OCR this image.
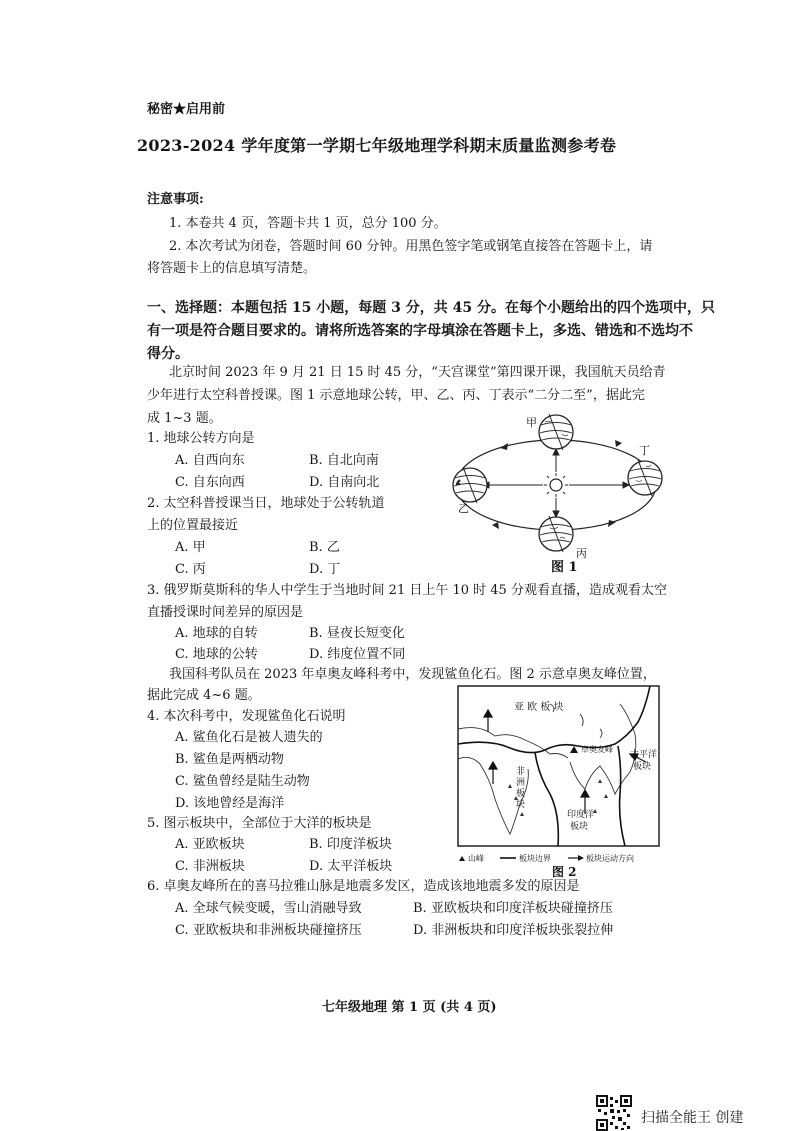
秘密★启用前
2023-2024 学年度第一学期七年级地理学科期末质量监测参考卷
注意事项:
1. 本卷共 4 页，答题卡共 1 页，总分 100 分。
2. 本次考试为闭卷，答题时间 60 分钟。用黑色签字笔或钢笔直接答在答题卡上，请
将答题卡上的信息填写清楚。
一、选择题：本题包括 15 小题，每题 3 分，共 45 分。在每个小题给出的四个选项中，只
有一项是符合题目要求的。请将所选答案的字母填涂在答题卡上，多选、错选和不选均不
得分。
北京时间 2023 年 9 月 21 日 15 时 45 分，“天宫课堂”第四课开课，我国航天员给青
少年进行太空科普授课。图 1 示意地球公转，甲、乙、丙、丁表示“二分二至”，据此完
成 1~3 题。
1. 地球公转方向是
A. 自西向东	B. 自北向南
C. 自东向西	D. 自南向北
2. 太空科普授课当日，地球处于公转轨道
上的位置最接近
A. 甲	B. 乙
C. 丙	D. 丁
甲
乙
丙
丁
图 1
3. 俄罗斯莫斯科的华人中学生于当地时间 21 日上午 10 时 45 分观看直播，造成观看太空
直播授课时间差异的原因是
A. 地球的自转	B. 昼夜长短变化
C. 地球的公转	D. 纬度位置不同
我国科考队员在 2023 年卓奥友峰科考中，发现鲨鱼化石。图 2 示意卓奥友峰位置，
据此完成 4~6 题。
4. 本次科考中，发现鲨鱼化石说明
A. 鲨鱼化石是被人遗失的
B. 鲨鱼是两栖动物
C. 鲨鱼曾经是陆生动物
D. 该地曾经是海洋
5. 图示板块中，全部位于大洋的板块是
A. 亚欧板块	B. 印度洋板块
C. 非洲板块	D. 太平洋板块
亚 欧 板 块
卓奥友峰
非
洲
板
块
印度洋
板块
太平洋
板块
山峰	板块边界	板块运动方向
图 2
6. 卓奥友峰所在的喜马拉雅山脉是地震多发区，造成该地地震多发的原因是
A. 全球气候变暖，雪山消融导致	B. 亚欧板块和印度洋板块碰撞挤压
C. 亚欧板块和非洲板块碰撞挤压	D. 非洲板块和印度洋板块张裂拉伸
七年级地理 第 1 页 (共 4 页)
扫描全能王 创建
